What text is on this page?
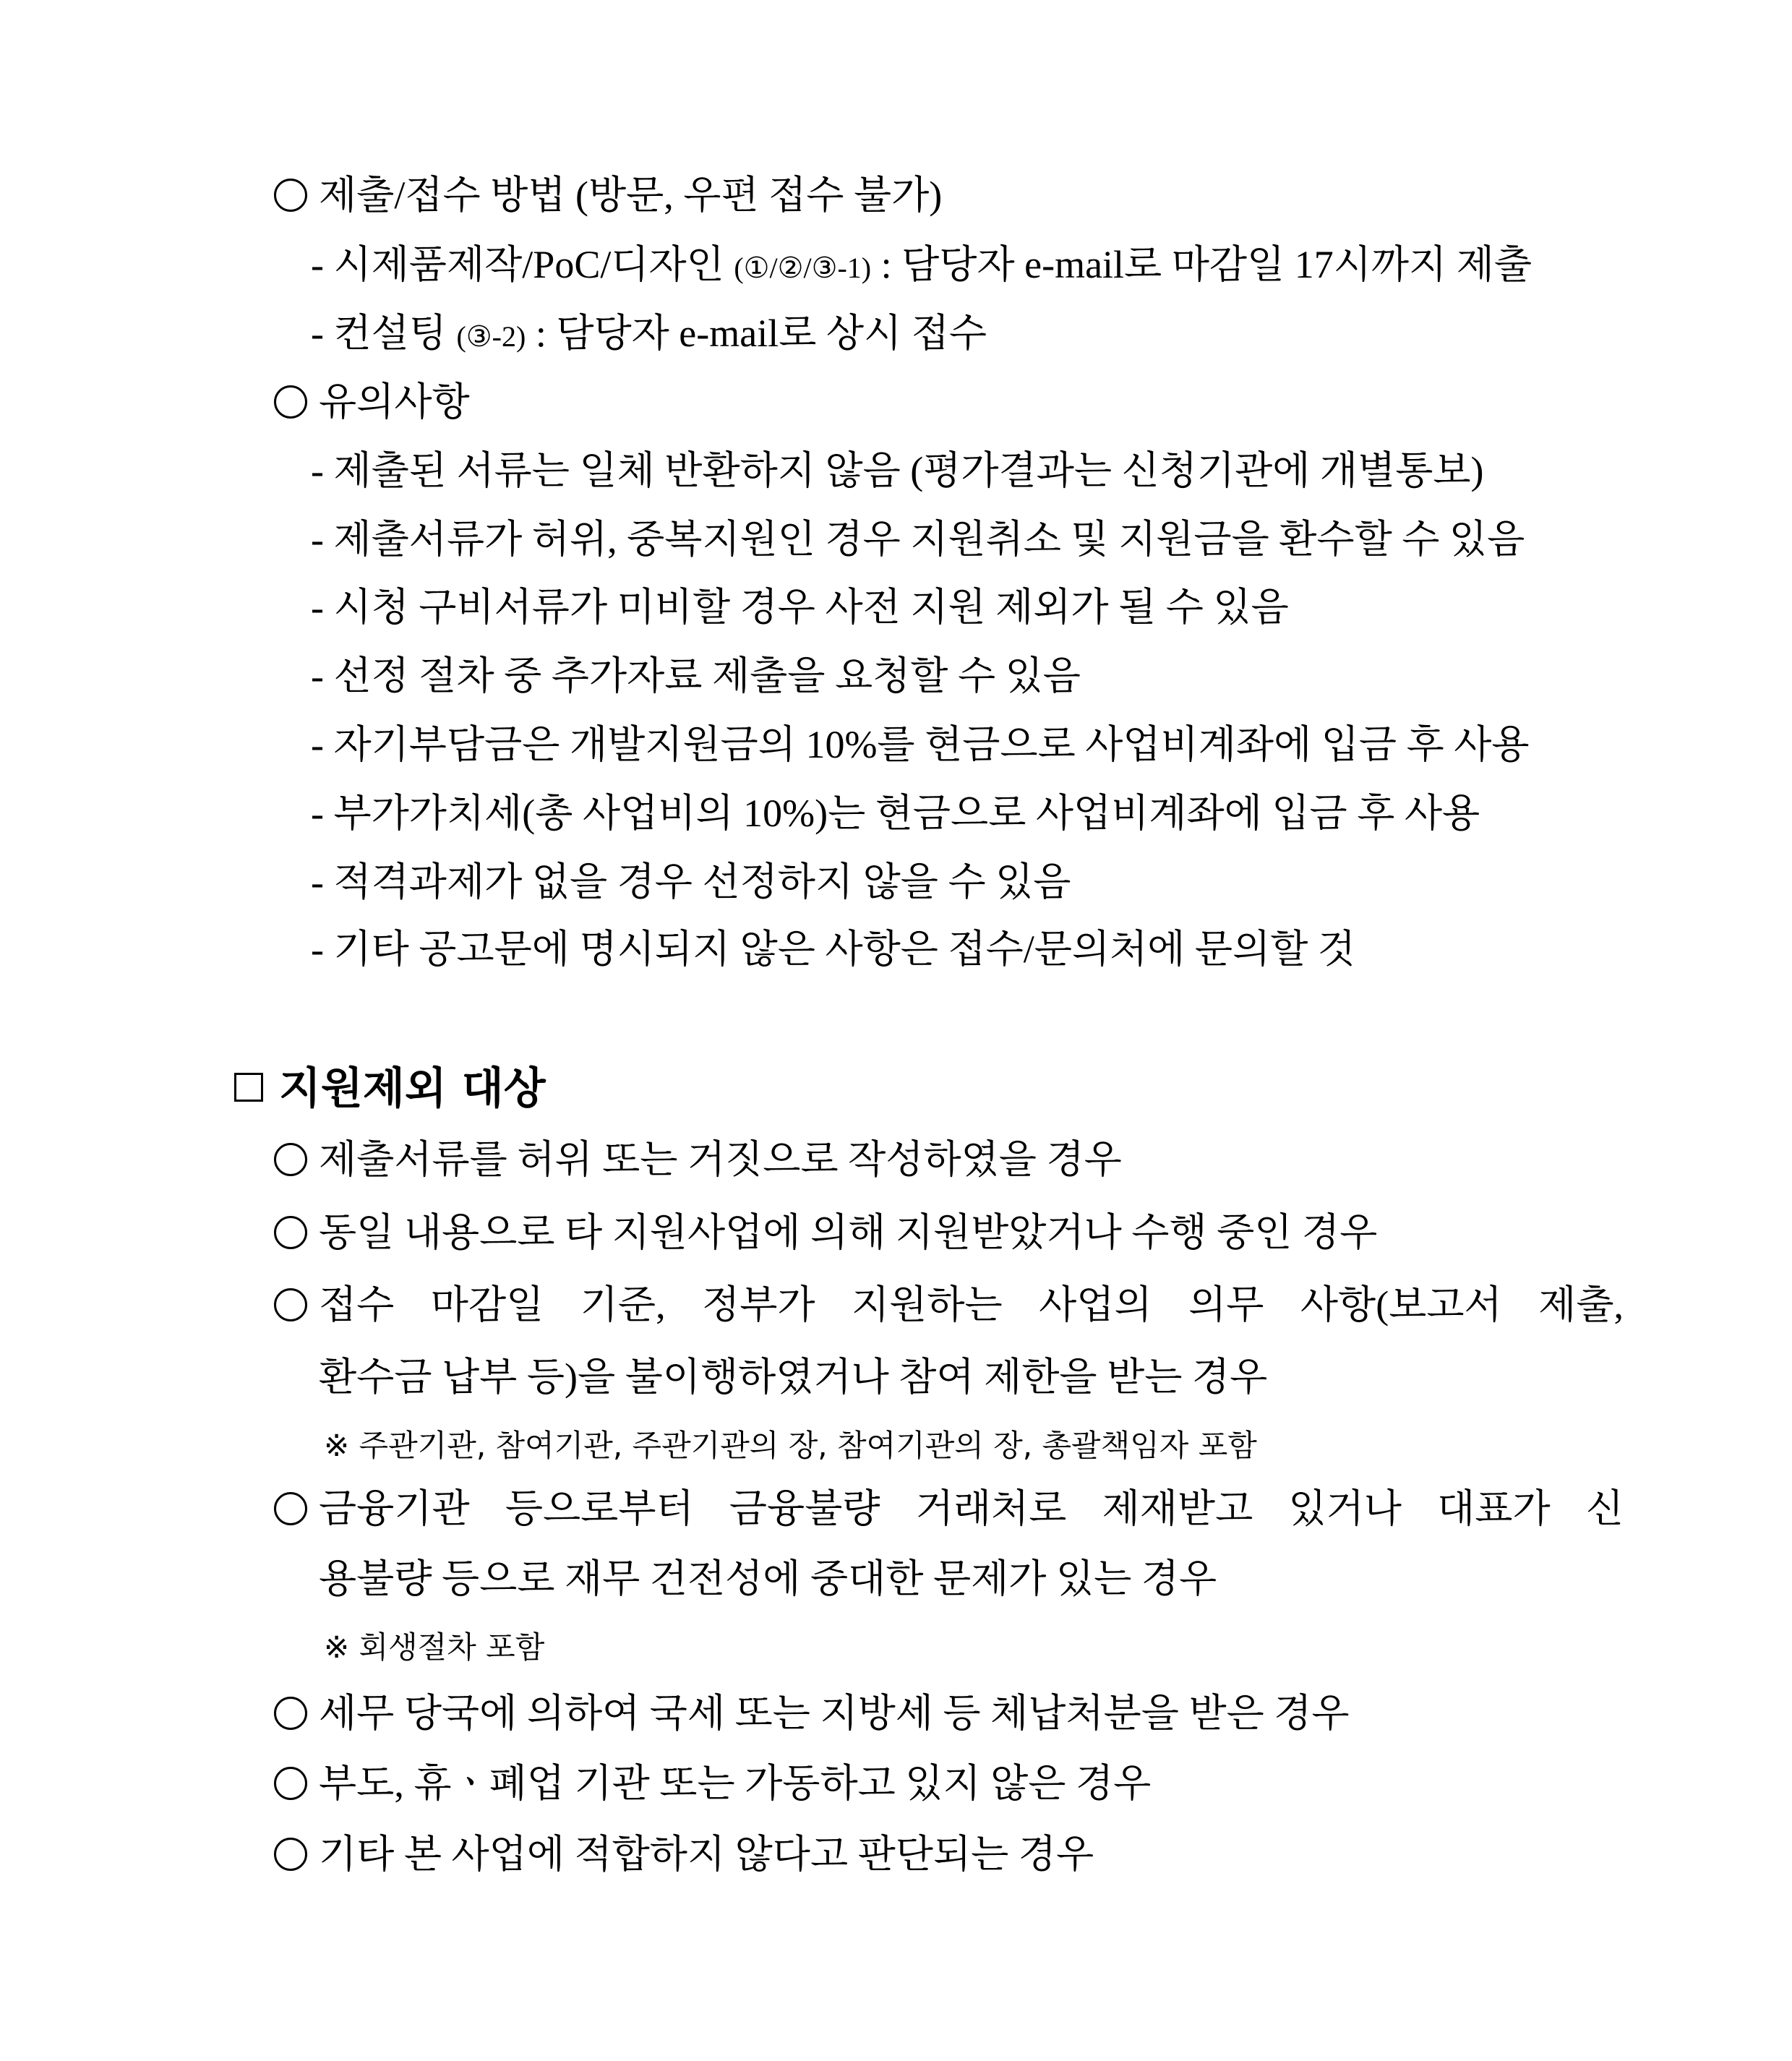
제출/접수 방법 (방문, 우편 접수 불가)
- 시제품제작/PoC/디자인 (①/②/③-1) : 담당자 e-mail로 마감일 17시까지 제출
- 컨설팅 (③-2) : 담당자 e-mail로 상시 접수
유의사항
- 제출된 서류는 일체 반환하지 않음 (평가결과는 신청기관에 개별통보)
- 제출서류가 허위, 중복지원인 경우 지원취소 및 지원금을 환수할 수 있음
- 시청 구비서류가 미비할 경우 사전 지원 제외가 될 수 있음
- 선정 절차 중 추가자료 제출을 요청할 수 있음
- 자기부담금은 개발지원금의 10%를 현금으로 사업비계좌에 입금 후 사용
- 부가가치세(총 사업비의 10%)는 현금으로 사업비계좌에 입금 후 사용
- 적격과제가 없을 경우 선정하지 않을 수 있음
- 기타 공고문에 명시되지 않은 사항은 접수/문의처에 문의할 것
지원제외 대상
제출서류를 허위 또는 거짓으로 작성하였을 경우
동일 내용으로 타 지원사업에 의해 지원받았거나 수행 중인 경우
접수 마감일 기준, 정부가 지원하는 사업의 의무 사항(보고서 제출,
환수금 납부 등)을 불이행하였거나 참여 제한을 받는 경우
※ 주관기관, 참여기관, 주관기관의 장, 참여기관의 장, 총괄책임자 포함
금융기관 등으로부터 금융불량 거래처로 제재받고 있거나 대표가 신
용불량 등으로 재무 건전성에 중대한 문제가 있는 경우
※ 회생절차 포함
세무 당국에 의하여 국세 또는 지방세 등 체납처분을 받은 경우
부도, 휴ㆍ폐업 기관 또는 가동하고 있지 않은 경우
기타 본 사업에 적합하지 않다고 판단되는 경우
